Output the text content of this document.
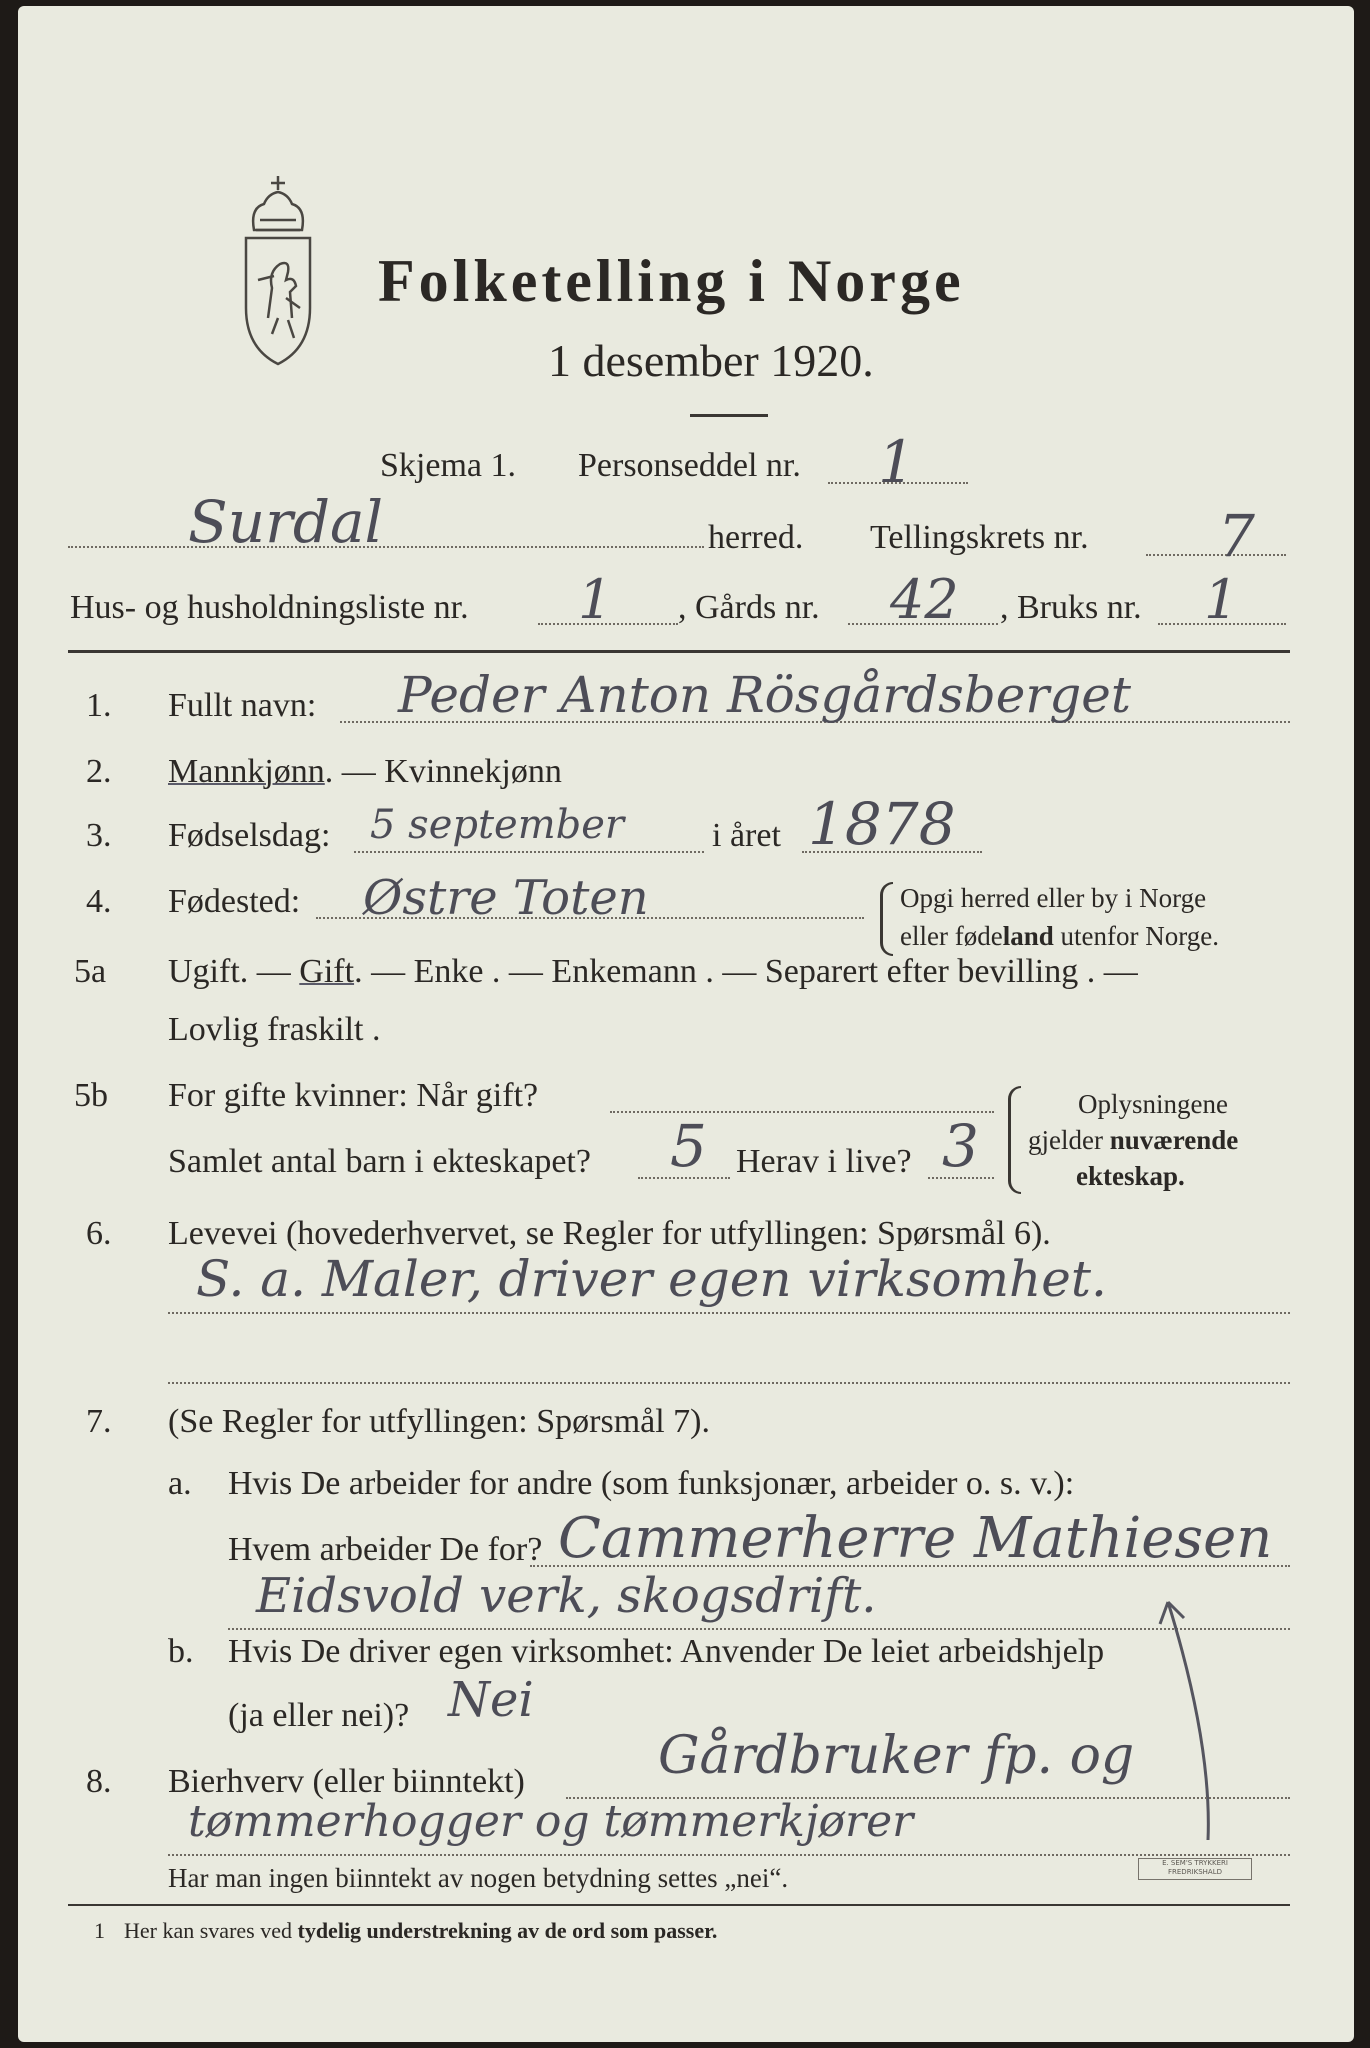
Folketelling i Norge
1 desember 1920.
Skjema 1. Personseddel nr. 1
Surdal	herred. Tellingskrets nr. 7
Hus- og husholdningsliste nr. 1 , Gårds nr. 42 , Bruks nr. 1
1. Fullt navn: Peder Anton Rösgårdsberget
2. Mannkjønn. — Kvinnekjønn
3. Fødselsdag: 5 september	i året 1878
4. Fødested: Østre Toten	Opgi herred eller by i Norge
eller fødeland utenfor Norge.
5a Ugift. — Gift. — Enke . — Enkemann . — Separert efter bevilling . —
Lovlig fraskilt .
5b For gifte kvinner: Når gift?
Samlet antal barn i ekteskapet? 5 Herav i live? 3
Oplysningene
gjelder nuværende
ekteskap.
6. Levevei (hovederhvervet, se Regler for utfyllingen: Spørsmål 6).
S. a. Maler, driver egen virksomhet.
7. (Se Regler for utfyllingen: Spørsmål 7).
a. Hvis De arbeider for andre (som funksjonær, arbeider o. s. v.):
Hvem arbeider De for? Cammerherre Mathiesen
Eidsvold verk, skogsdrift.
b. Hvis De driver egen virksomhet: Anvender De leiet arbeidshjelp
(ja eller nei)? Nei
8. Bierhverv (eller biinntekt)	Gårdbruker fp. og
tømmerhogger og tømmerkjører
Har man ingen biinntekt av nogen betydning settes „nei“.
1 Her kan svares ved tydelig understrekning av de ord som passer.
E. SEM'S TRYKKERI FREDRIKSHALD
